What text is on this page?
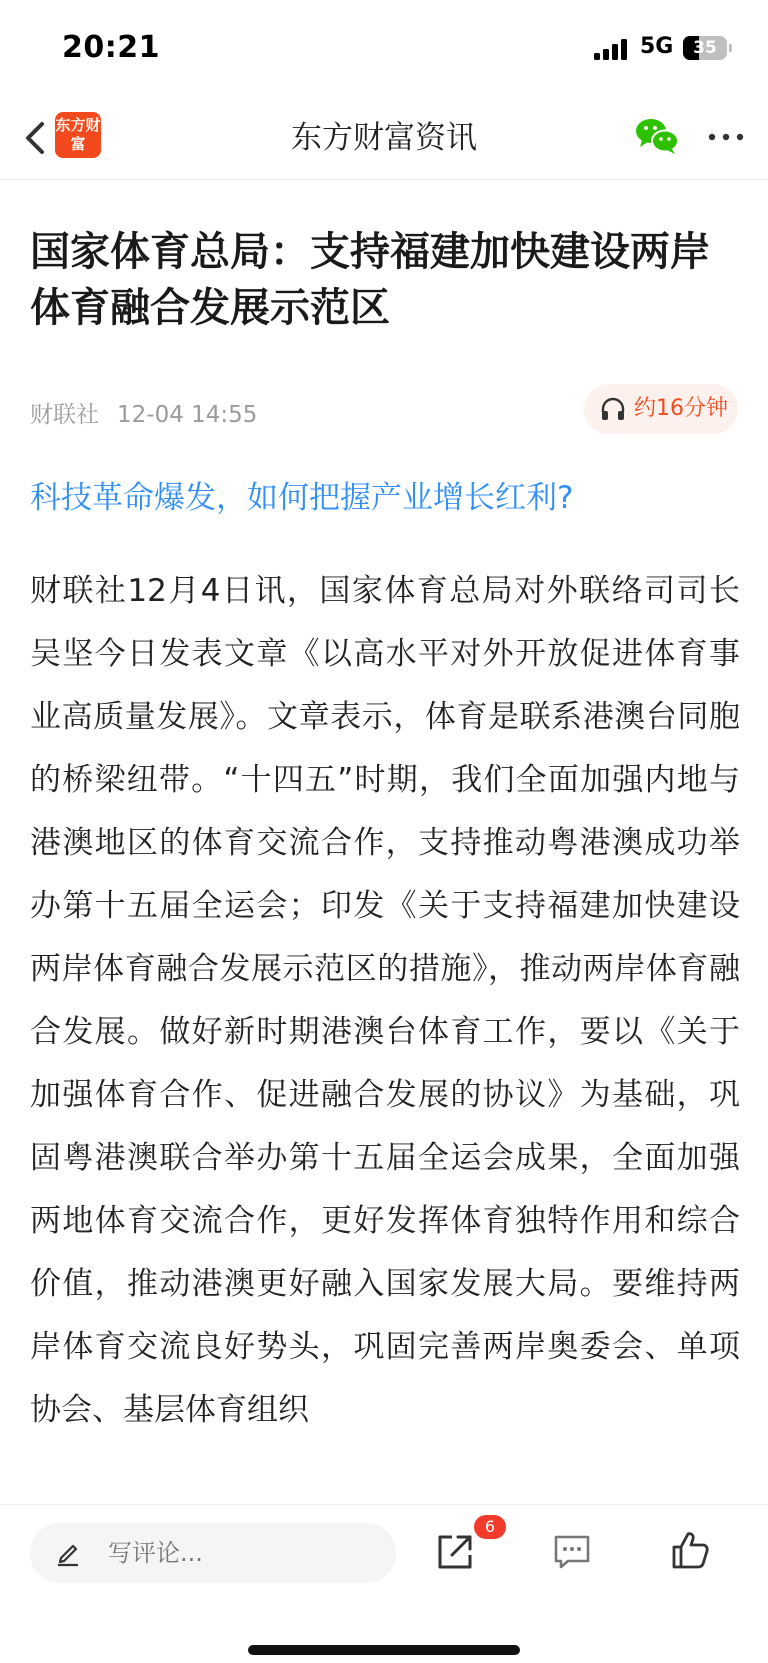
20:21	5G	35
东方财富资讯
东方财富
国家体育总局：支持福建加快建设两岸体育融合发展示范区
财联社 12-04 14:55	约16分钟
科技革命爆发，如何把握产业增长红利?
财联社12月4日讯，国家体育总局对外联络司司长吴坚今日发表文章《以高水平对外开放促进体育事业高质量发展》。文章表示，体育是联系港澳台同胞的桥梁纽带。“十四五”时期，我们全面加强内地与港澳地区的体育交流合作，支持推动粤港澳成功举办第十五届全运会；印发《关于支持福建加快建设两岸体育融合发展示范区的措施》，推动两岸体育融合发展。做好新时期港澳台体育工作，要以《关于加强体育合作、促进融合发展的协议》为基础，巩固粤港澳联合举办第十五届全运会成果，全面加强两地体育交流合作，更好发挥体育独特作用和综合价值，推动港澳更好融入国家发展大局。要维持两岸体育交流良好势头，巩固完善两岸奥委会、单项协会、基层体育组织
写评论...
6
